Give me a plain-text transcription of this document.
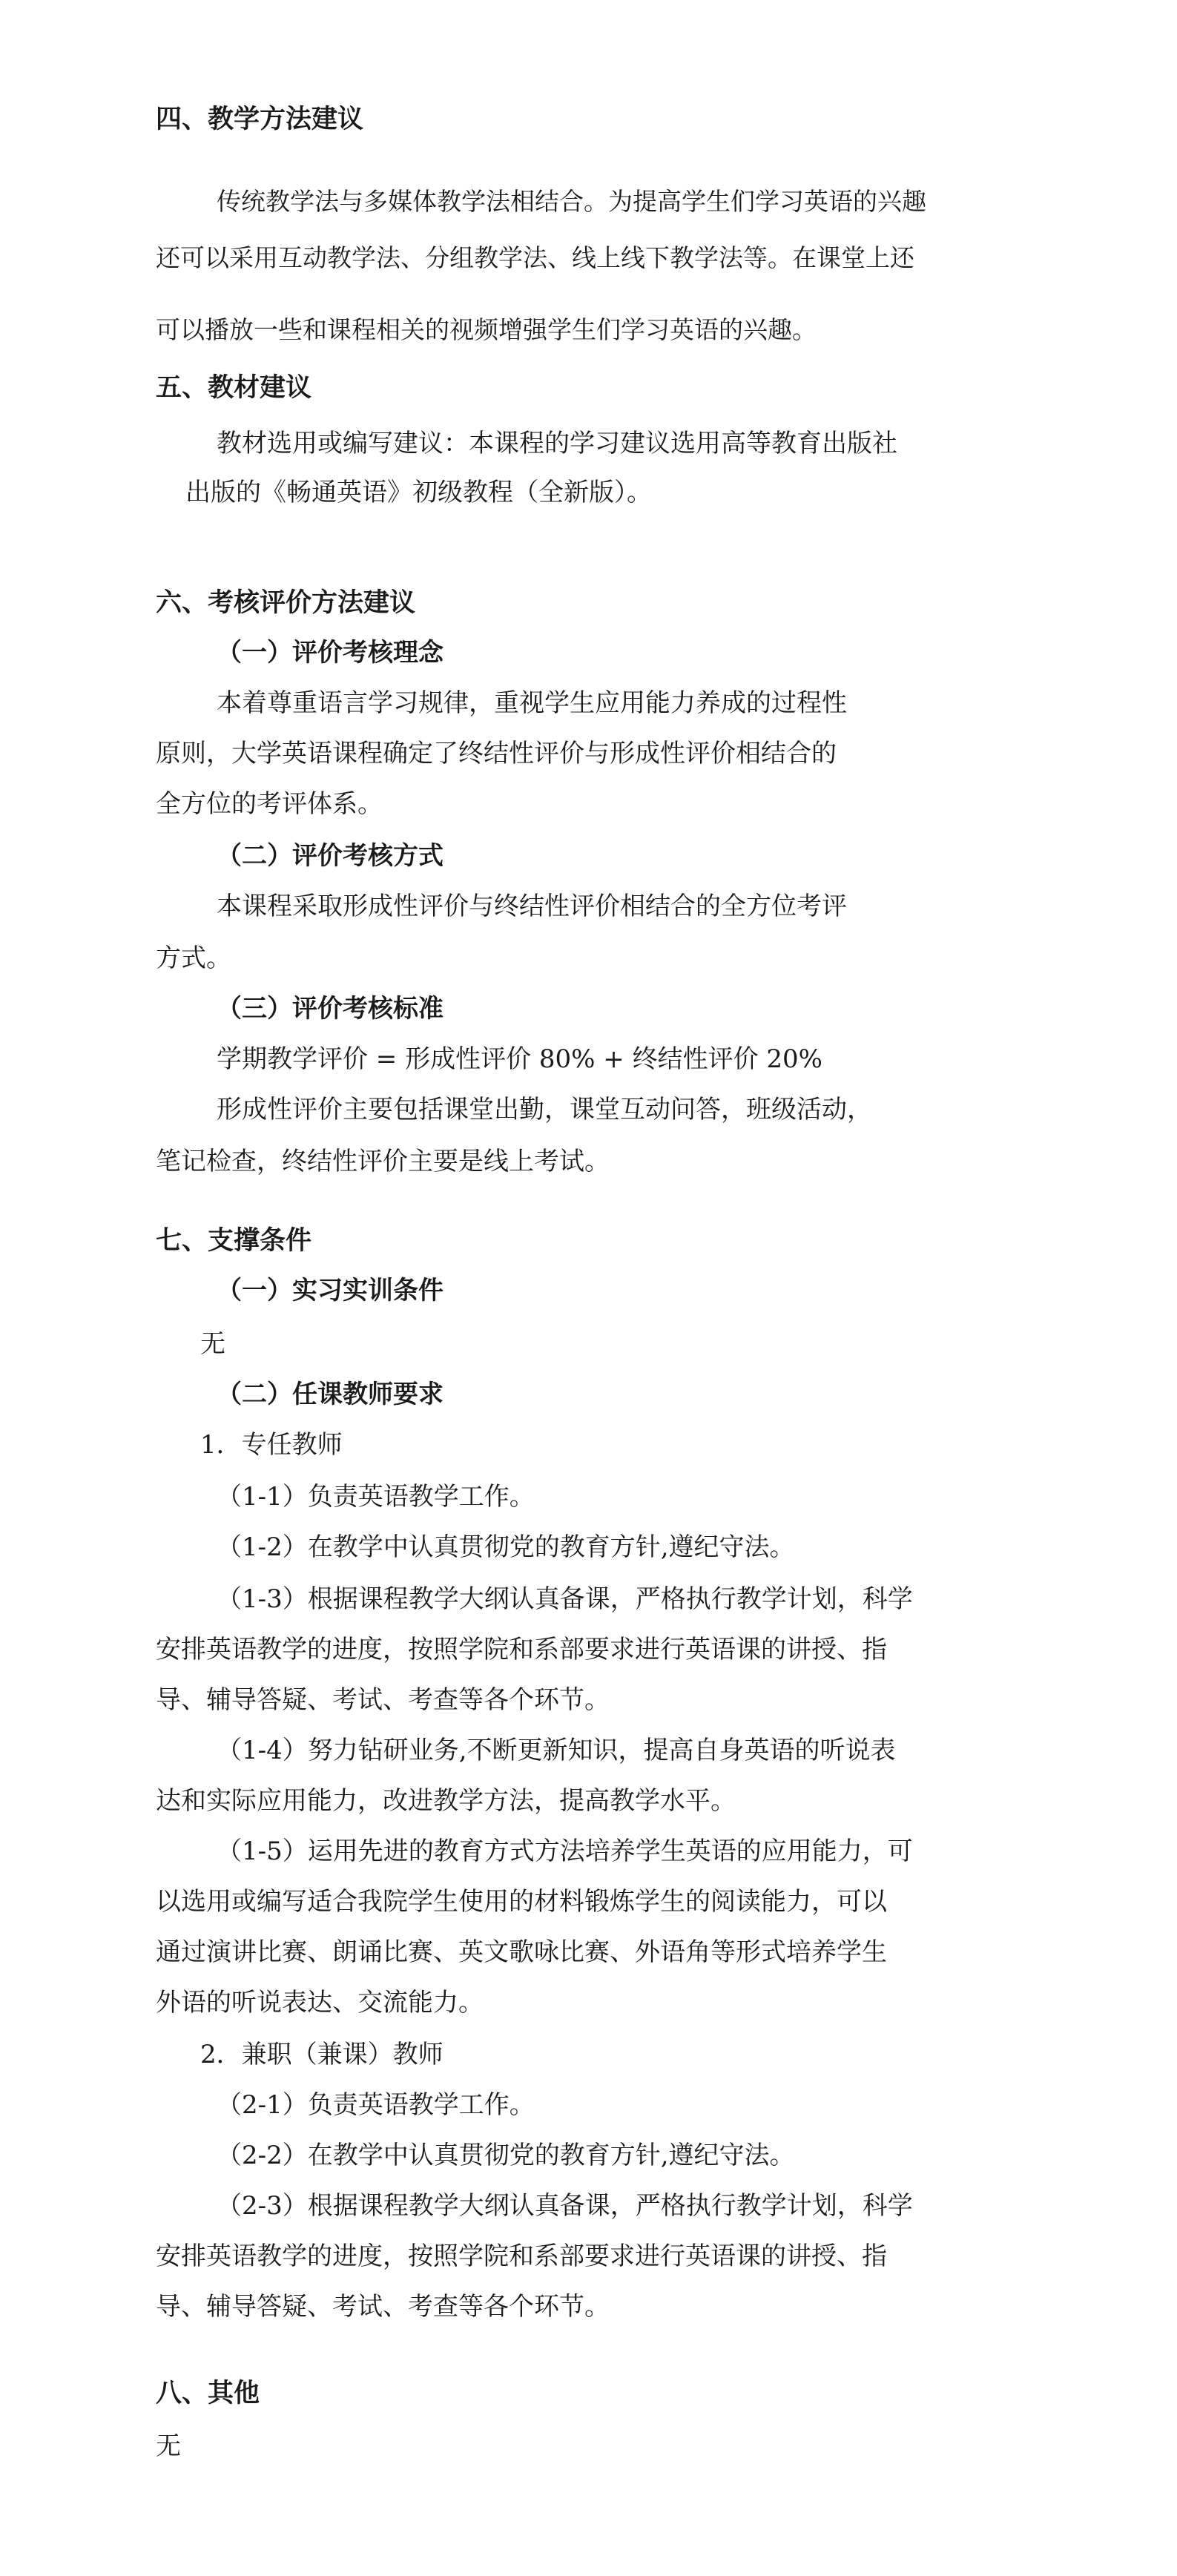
四、教学方法建议
传统教学法与多媒体教学法相结合。为提高学生们学习英语的兴趣
还可以采用互动教学法、分组教学法、线上线下教学法等。在课堂上还
可以播放一些和课程相关的视频增强学生们学习英语的兴趣。
五、教材建议
教材选用或编写建议：本课程的学习建议选用高等教育出版社
出版的《畅通英语》初级教程（全新版）。
六、考核评价方法建议
（一）评价考核理念
本着尊重语言学习规律，重视学生应用能力养成的过程性
原则，大学英语课程确定了终结性评价与形成性评价相结合的
全方位的考评体系。
（二）评价考核方式
本课程采取形成性评价与终结性评价相结合的全方位考评
方式。
（三）评价考核标准
学期教学评价 = 形成性评价 80% + 终结性评价 20%
形成性评价主要包括课堂出勤，课堂互动问答，班级活动，
笔记检查，终结性评价主要是线上考试。
七、支撑条件
（一）实习实训条件
无
（二）任课教师要求
1．专任教师
（1-1）负责英语教学工作。
（1-2）在教学中认真贯彻党的教育方针,遵纪守法。
（1-3）根据课程教学大纲认真备课，严格执行教学计划，科学
安排英语教学的进度，按照学院和系部要求进行英语课的讲授、指
导、辅导答疑、考试、考查等各个环节。
（1-4）努力钻研业务,不断更新知识，提高自身英语的听说表
达和实际应用能力，改进教学方法，提高教学水平。
（1-5）运用先进的教育方式方法培养学生英语的应用能力，可
以选用或编写适合我院学生使用的材料锻炼学生的阅读能力，可以
通过演讲比赛、朗诵比赛、英文歌咏比赛、外语角等形式培养学生
外语的听说表达、交流能力。
2．兼职（兼课）教师
（2-1）负责英语教学工作。
（2-2）在教学中认真贯彻党的教育方针,遵纪守法。
（2-3）根据课程教学大纲认真备课，严格执行教学计划，科学
安排英语教学的进度，按照学院和系部要求进行英语课的讲授、指
导、辅导答疑、考试、考查等各个环节。
八、其他
无
